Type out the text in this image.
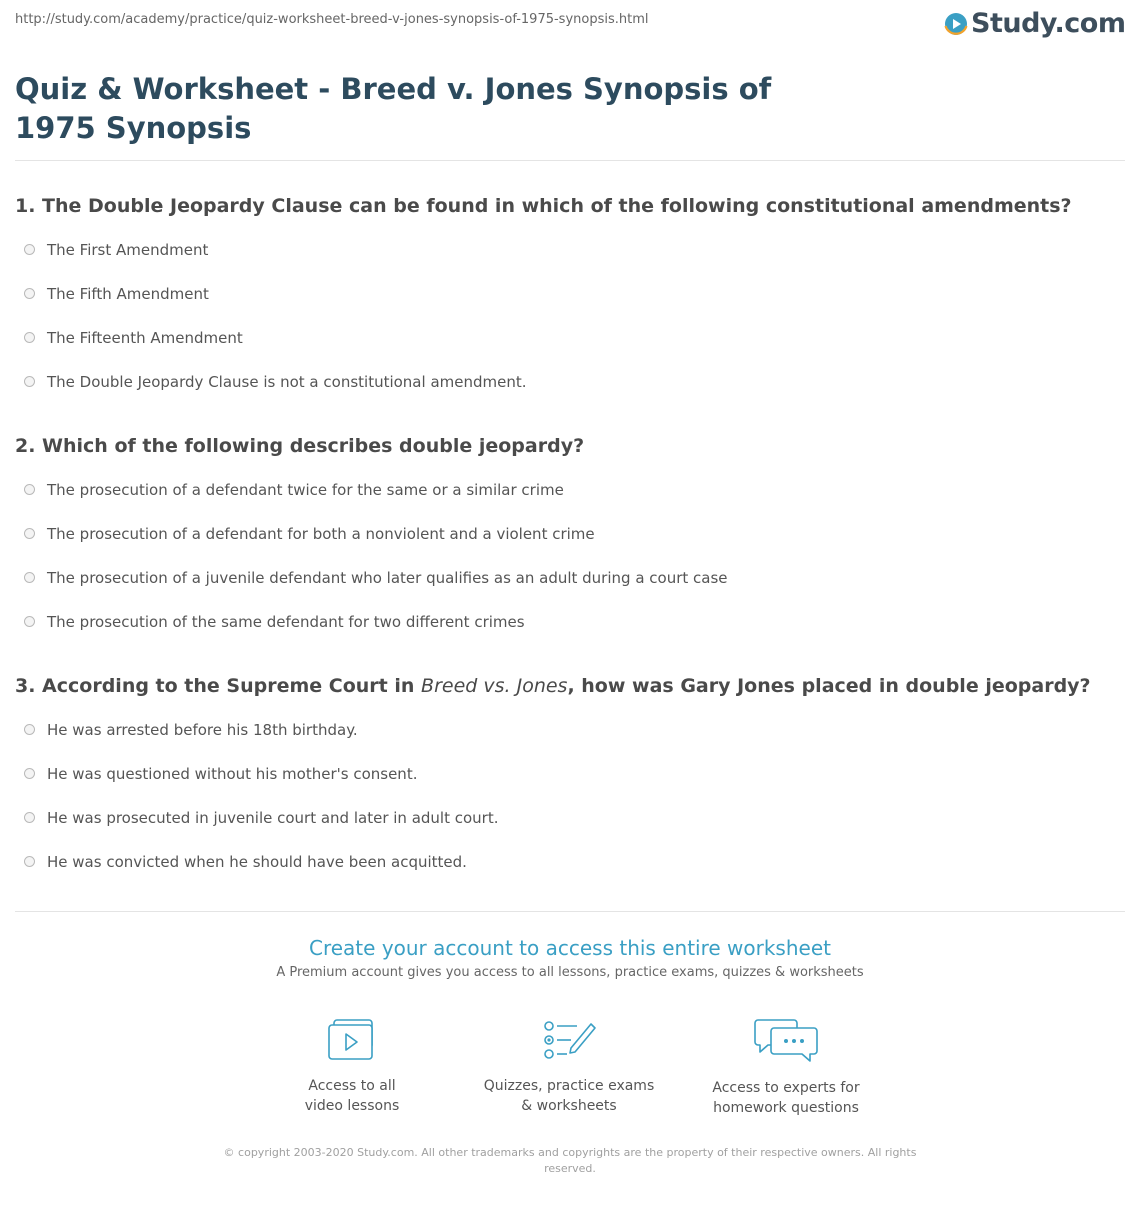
http://study.com/academy/practice/quiz-worksheet-breed-v-jones-synopsis-of-1975-synopsis.html	Study.com
Quiz & Worksheet - Breed v. Jones Synopsis of 1975 Synopsis

1. The Double Jeopardy Clause can be found in which of the following constitutional amendments?

The First Amendment
The Fifth Amendment
The Fifteenth Amendment
The Double Jeopardy Clause is not a constitutional amendment.

2. Which of the following describes double jeopardy?

The prosecution of a defendant twice for the same or a similar crime
The prosecution of a defendant for both a nonviolent and a violent crime
The prosecution of a juvenile defendant who later qualifies as an adult during a court case
The prosecution of the same defendant for two different crimes

3. According to the Supreme Court in Breed vs. Jones, how was Gary Jones placed in double jeopardy?

He was arrested before his 18th birthday.
He was questioned without his mother's consent.
He was prosecuted in juvenile court and later in adult court.
He was convicted when he should have been acquitted.

Create your account to access this entire worksheet

A Premium account gives you access to all lessons, practice exams, quizzes & worksheets
Access to all
video lessons
Quizzes, practice exams
& worksheets
Access to experts for
homework questions
© copyright 2003-2020 Study.com. All other trademarks and copyrights are the property of their respective owners. All rights reserved.
